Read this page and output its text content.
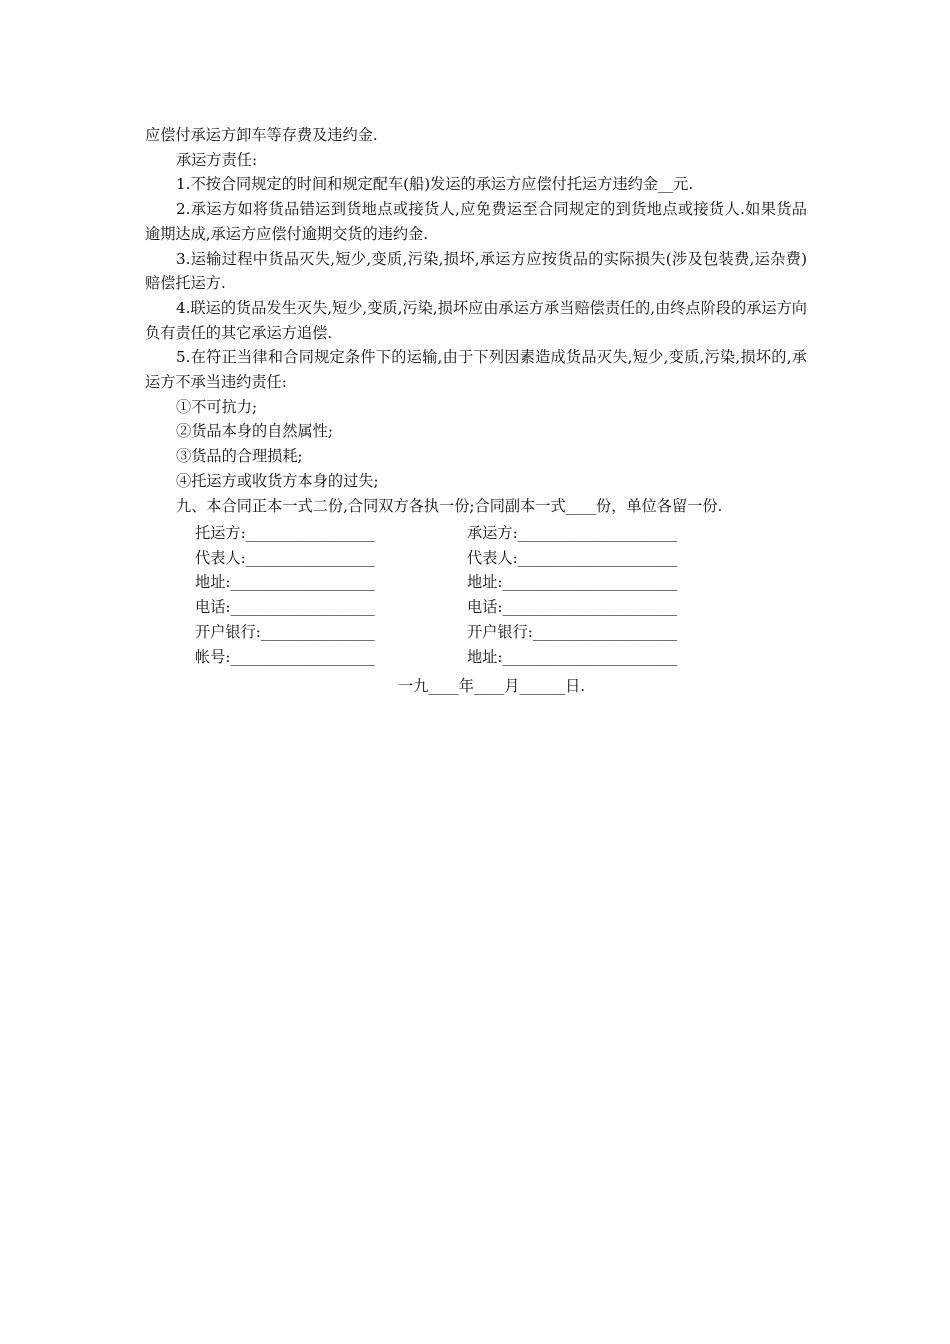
应偿付承运方卸车等存费及违约金.

承运方责任:

1.不按合同规定的时间和规定配车(船)发运的承运方应偿付托运方违约金__元.

2.承运方如将货品错运到货地点或接货人,应免费运至合同规定的到货地点或接货人.如果货品逾期达成,承运方应偿付逾期交货的违约金.

3.运输过程中货品灭失,短少,变质,污染,损坏,承运方应按货品的实际损失(涉及包装费,运杂费)赔偿托运方.

4.联运的货品发生灭失,短少,变质,污染,损坏应由承运方承当赔偿责任的,由终点阶段的承运方向负有责任的其它承运方追偿.

5.在符正当律和合同规定条件下的运输,由于下列因素造成货品灭失,短少,变质,污染,损坏的,承运方不承当违约责任:

①不可抗力;

②货品本身的自然属性;

③货品的合理损耗;

④托运方或收货方本身的过失;

九、本合同正本一式二份,合同双方各执一份;合同副本一式____份，单位各留一份.

托运方:_________________	承运方:_____________________
代表人:_________________	代表人:_____________________
地址:___________________	地址:_______________________
电话:___________________	电话:_______________________
开户银行:_______________	开户银行:___________________
帐号:___________________	地址:_______________________
一九____年____月______日.
